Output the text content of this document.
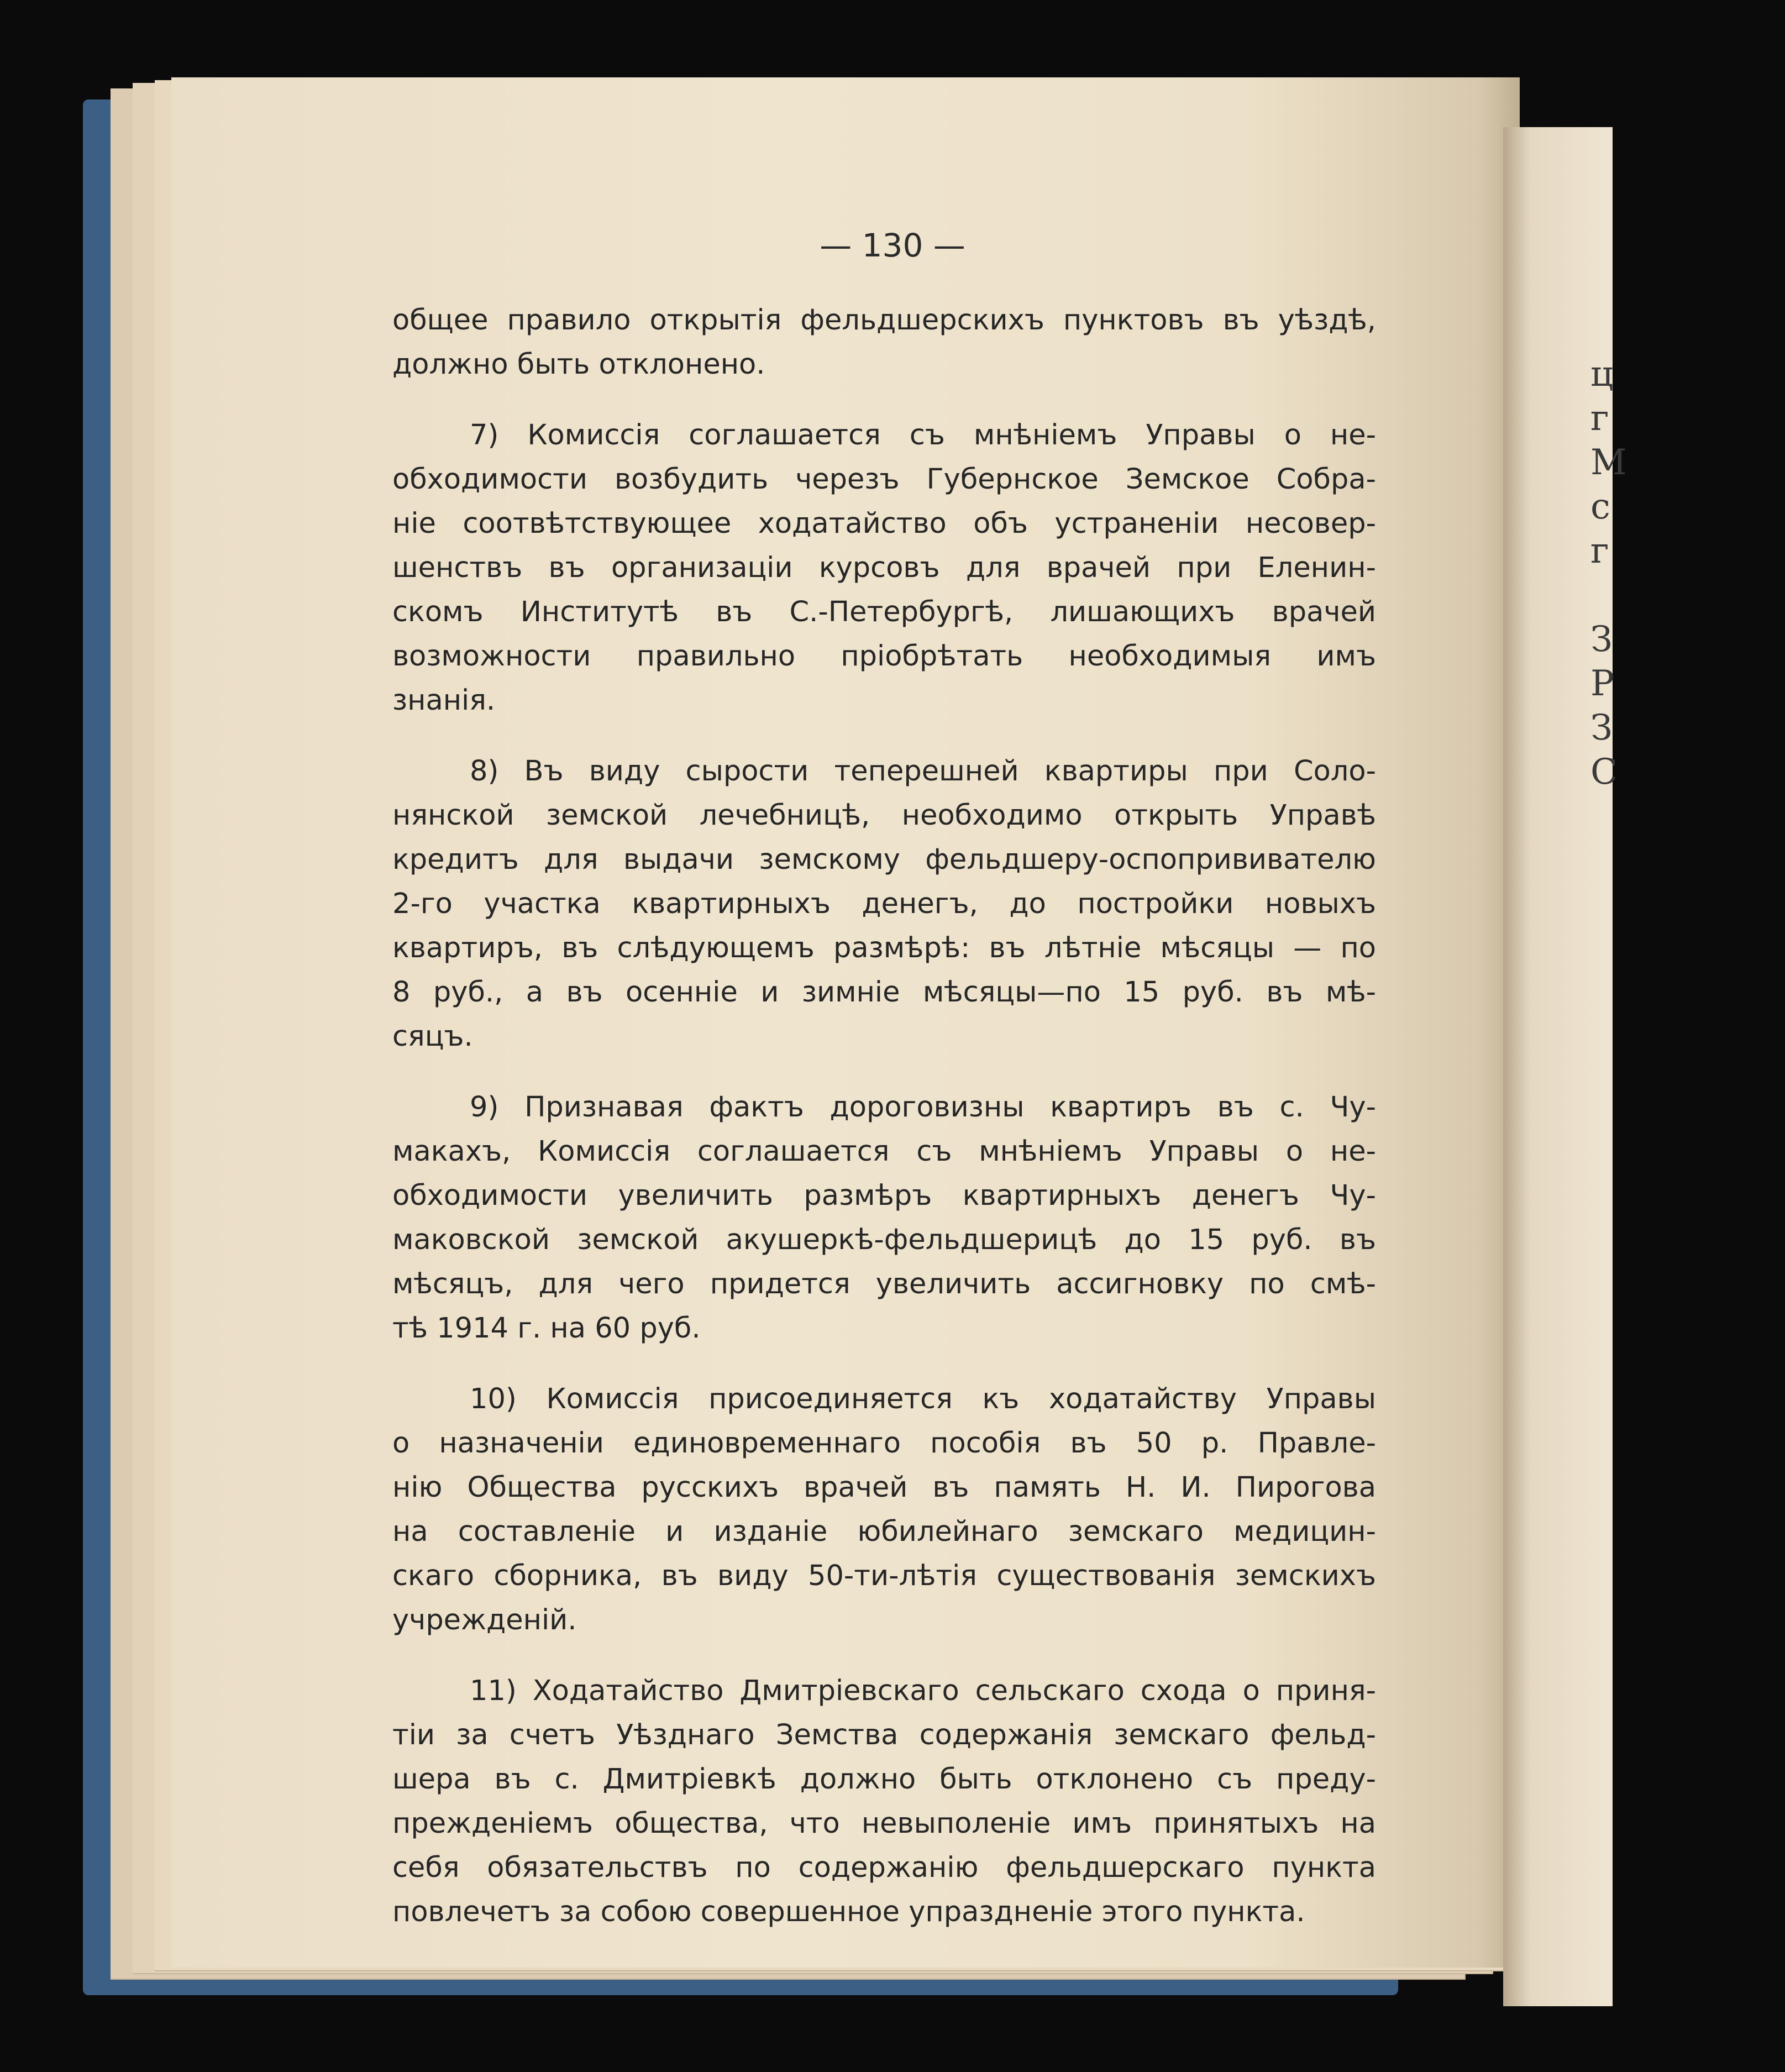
ц
г
М
с
г
З
Р
З
С
— 130 —
общее правило открытія фельдшерскихъ пунктовъ въ уѣздѣ,
должно быть отклонено.
7) Комиссія соглашается съ мнѣніемъ Управы о не-
обходимости возбудить черезъ Губернское Земское Собра-
ніе соотвѣтствующее ходатайство объ устраненіи несовер-
шенствъ въ организаціи курсовъ для врачей при Еленин-
скомъ Институтѣ въ С.-Петербургѣ, лишающихъ врачей
возможности правильно пріобрѣтать необходимыя имъ
знанія.
8) Въ виду сырости теперешней квартиры при Соло-
нянской земской лечебницѣ, необходимо открыть Управѣ
кредитъ для выдачи земскому фельдшеру-оспопрививателю
2-го участка квартирныхъ денегъ, до постройки новыхъ
квартиръ, въ слѣдующемъ размѣрѣ: въ лѣтніе мѣсяцы — по
8 руб., а въ осенніе и зимніе мѣсяцы—по 15 руб. въ мѣ-
сяцъ.
9) Признавая фактъ дороговизны квартиръ въ с. Чу-
макахъ, Комиссія соглашается съ мнѣніемъ Управы о не-
обходимости увеличить размѣръ квартирныхъ денегъ Чу-
маковской земской акушеркѣ-фельдшерицѣ до 15 руб. въ
мѣсяцъ, для чего придется увеличить ассигновку по смѣ-
тѣ 1914 г. на 60 руб.
10) Комиссія присоединяется къ ходатайству Управы
о назначеніи единовременнаго пособія въ 50 р. Правле-
нію Общества русскихъ врачей въ память Н. И. Пирогова
на составленіе и изданіе юбилейнаго земскаго медицин-
скаго сборника, въ виду 50-ти-лѣтія существованія земскихъ
учрежденій.
11) Ходатайство Дмитріевскаго сельскаго схода о приня-
тіи за счетъ Уѣзднаго Земства содержанія земскаго фельд-
шера въ с. Дмитріевкѣ должно быть отклонено съ преду-
прежденіемъ общества, что невыполеніе имъ принятыхъ на
себя обязательствъ по содержанію фельдшерскаго пункта
повлечетъ за собою совершенное упраздненіе этого пункта.
